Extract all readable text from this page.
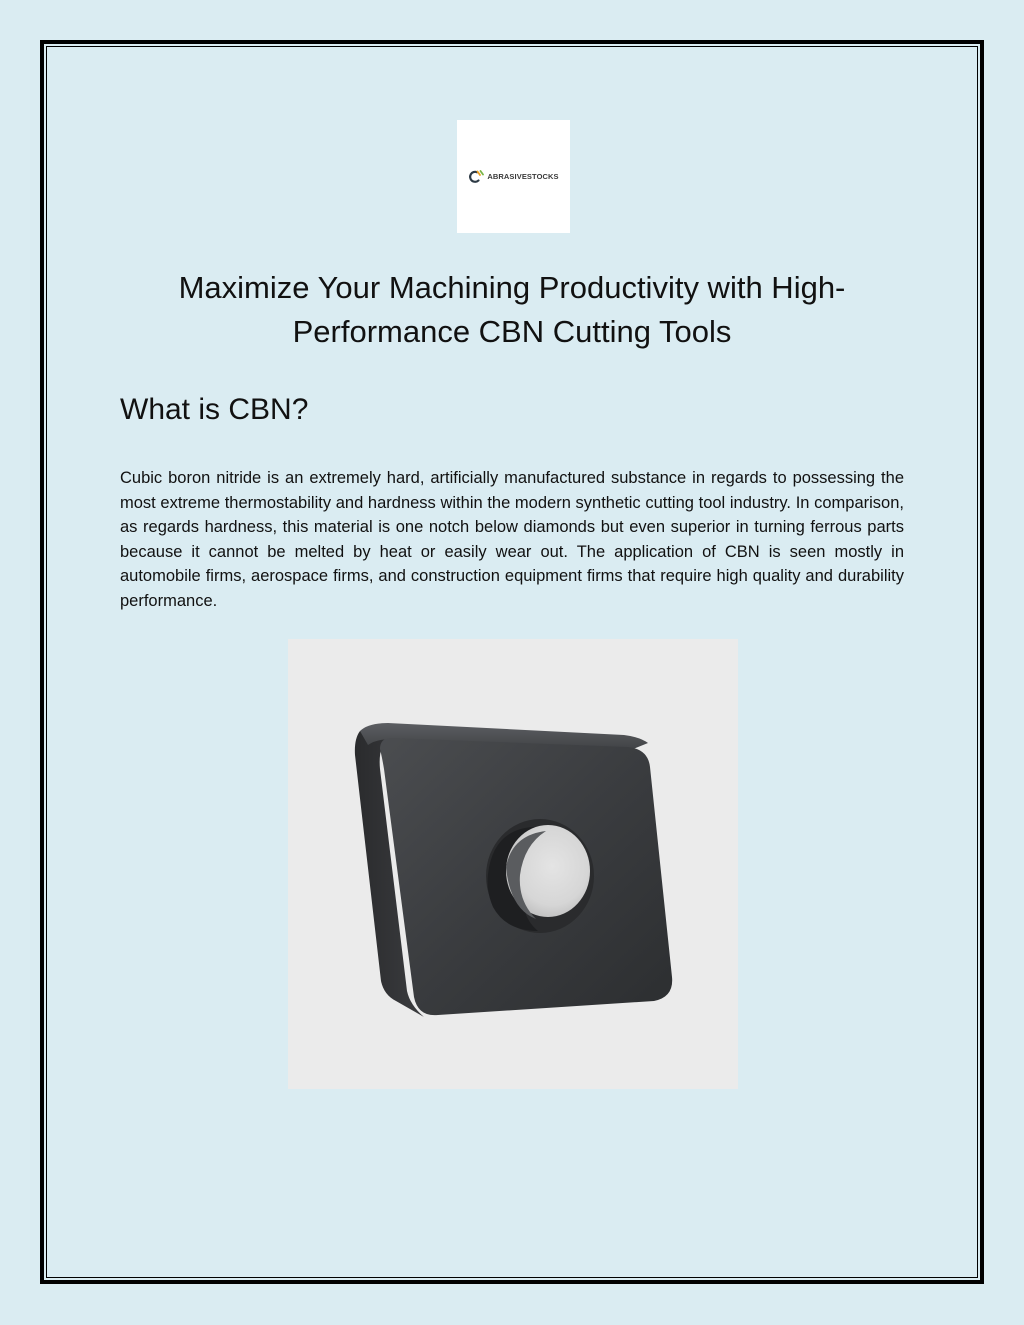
ABRASIVESTOCKS
Maximize Your Machining Productivity with High-Performance CBN Cutting Tools
What is CBN?

Cubic boron nitride is an extremely hard, artificially manufactured substance in regards to possessing the most extreme thermostability and hardness within the modern synthetic cutting tool industry. In comparison, as regards hardness, this material is one notch below diamonds but even superior in turning ferrous parts because it cannot be melted by heat or easily wear out. The application of CBN is seen mostly in automobile firms, aerospace firms, and construction equipment firms that require high quality and durability performance.
